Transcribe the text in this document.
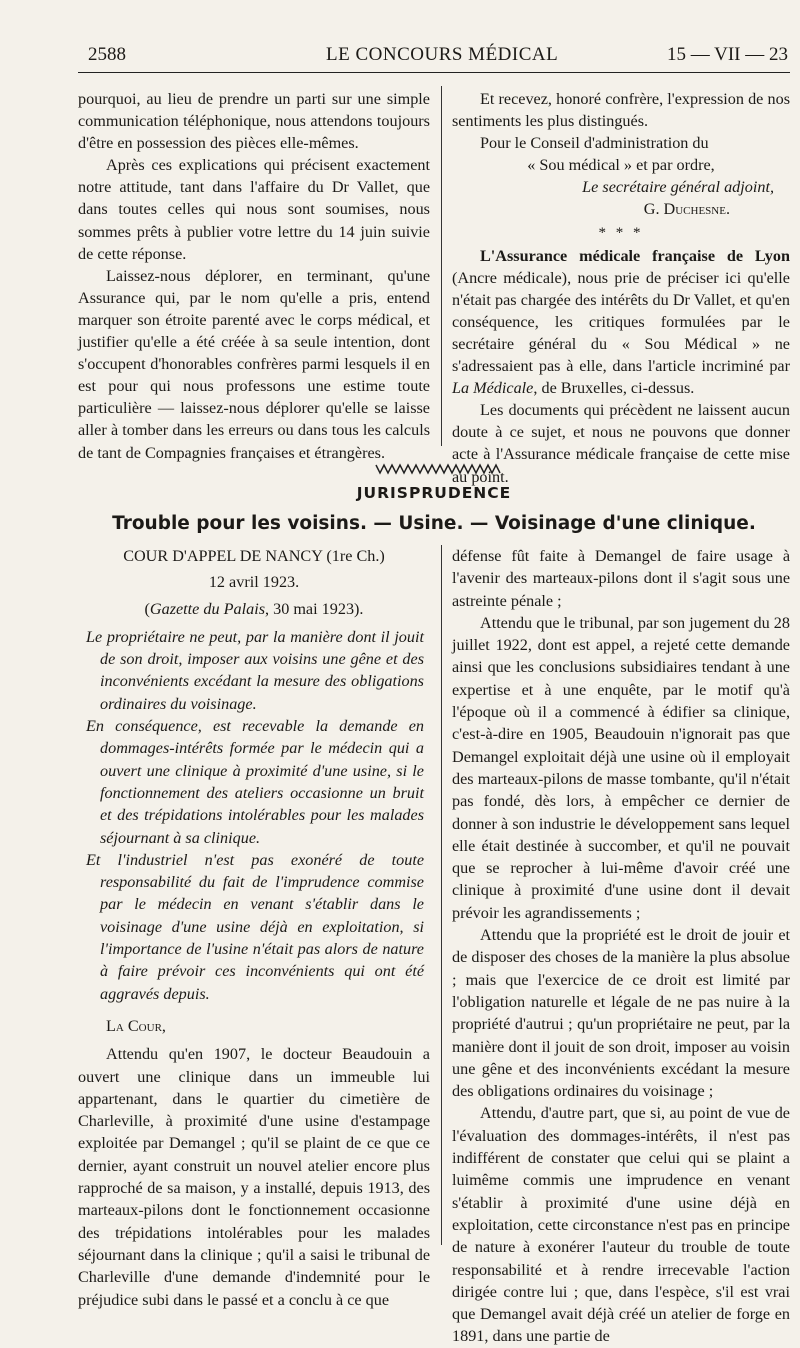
2588	LE CONCOURS MÉDICAL	15 — VII — 23

pourquoi, au lieu de prendre un parti sur une simple communication téléphonique, nous attendons toujours d'être en possession des pièces elle-mêmes.

Après ces explications qui précisent exactement notre attitude, tant dans l'affaire du Dr Vallet, que dans toutes celles qui nous sont soumises, nous sommes prêts à publier votre lettre du 14 juin suivie de cette réponse.

Laissez-nous déplorer, en terminant, qu'une Assurance qui, par le nom qu'elle a pris, entend marquer son étroite parenté avec le corps médical, et justifier qu'elle a été créée à sa seule intention, dont s'occupent d'honorables confrères parmi lesquels il en est pour qui nous professons une estime toute particulière — laissez-nous déplorer qu'elle se laisse aller à tomber dans les erreurs ou dans tous les calculs de tant de Compagnies françaises et étrangères.

Et recevez, honoré confrère, l'expression de nos sentiments les plus distingués.

Pour le Conseil d'administration du

« Sou médical » et par ordre,

Le secrétaire général adjoint,

G. Duchesne.

* * *

L'Assurance médicale française de Lyon (Ancre médicale), nous prie de préciser ici qu'elle n'était pas chargée des intérêts du Dr Vallet, et qu'en conséquence, les critiques formulées par le secrétaire général du « Sou Médical » ne s'adressaient pas à elle, dans l'article incriminé par La Médicale, de Bruxelles, ci-dessus.

Les documents qui précèdent ne laissent aucun doute à ce sujet, et nous ne pouvons que donner acte à l'Assurance médicale française de cette mise au point.

JURISPRUDENCE
Trouble pour les voisins. — Usine. — Voisinage d'une clinique.

COUR D'APPEL DE NANCY (1re Ch.)

12 avril 1923.

(Gazette du Palais, 30 mai 1923).

Le propriétaire ne peut, par la manière dont il jouit de son droit, imposer aux voisins une gêne et des inconvénients excédant la mesure des obligations ordinaires du voisinage.

En conséquence, est recevable la demande en dommages-intérêts formée par le médecin qui a ouvert une clinique à proximité d'une usine, si le fonctionnement des ateliers occasionne un bruit et des trépidations intolérables pour les malades séjournant à sa clinique.

Et l'industriel n'est pas exonéré de toute responsabilité du fait de l'imprudence commise par le médecin en venant s'établir dans le voisinage d'une usine déjà en exploitation, si l'importance de l'usine n'était pas alors de nature à faire prévoir ces inconvénients qui ont été aggravés depuis.

La Cour,

Attendu qu'en 1907, le docteur Beaudouin a ouvert une clinique dans un immeuble lui appartenant, dans le quartier du cimetière de Charleville, à proximité d'une usine d'estampage exploitée par Demangel ; qu'il se plaint de ce que ce dernier, ayant construit un nouvel atelier encore plus rapproché de sa maison, y a installé, depuis 1913, des marteaux-pilons dont le fonctionnement occasionne des trépidations intolérables pour les malades séjournant dans la clinique ; qu'il a saisi le tribunal de Charleville d'une demande d'indemnité pour le préjudice subi dans le passé et a conclu à ce que

défense fût faite à Demangel de faire usage à l'avenir des marteaux-pilons dont il s'agit sous une astreinte pénale ;

Attendu que le tribunal, par son jugement du 28 juillet 1922, dont est appel, a rejeté cette demande ainsi que les conclusions subsidiaires tendant à une expertise et à une enquête, par le motif qu'à l'époque où il a commencé à édifier sa clinique, c'est-à-dire en 1905, Beaudouin n'ignorait pas que Demangel exploitait déjà une usine où il employait des marteaux-pilons de masse tombante, qu'il n'était pas fondé, dès lors, à empêcher ce dernier de donner à son industrie le développement sans lequel elle était destinée à succomber, et qu'il ne pouvait que se reprocher à lui-même d'avoir créé une clinique à proximité d'une usine dont il devait prévoir les agrandissements ;

Attendu que la propriété est le droit de jouir et de disposer des choses de la manière la plus absolue ; mais que l'exercice de ce droit est limité par l'obligation naturelle et légale de ne pas nuire à la propriété d'autrui ; qu'un propriétaire ne peut, par la manière dont il jouit de son droit, imposer au voisin une gêne et des inconvénients excédant la mesure des obligations ordinaires du voisinage ;

Attendu, d'autre part, que si, au point de vue de l'évaluation des dommages-intérêts, il n'est pas indifférent de constater que celui qui se plaint a luimême commis une imprudence en venant s'établir à proximité d'une usine déjà en exploitation, cette circonstance n'est pas en principe de nature à exonérer l'auteur du trouble de toute responsabilité et à rendre irrecevable l'action dirigée contre lui ; que, dans l'espèce, s'il est vrai que Demangel avait déjà créé un atelier de forge en 1891, dans une partie de
